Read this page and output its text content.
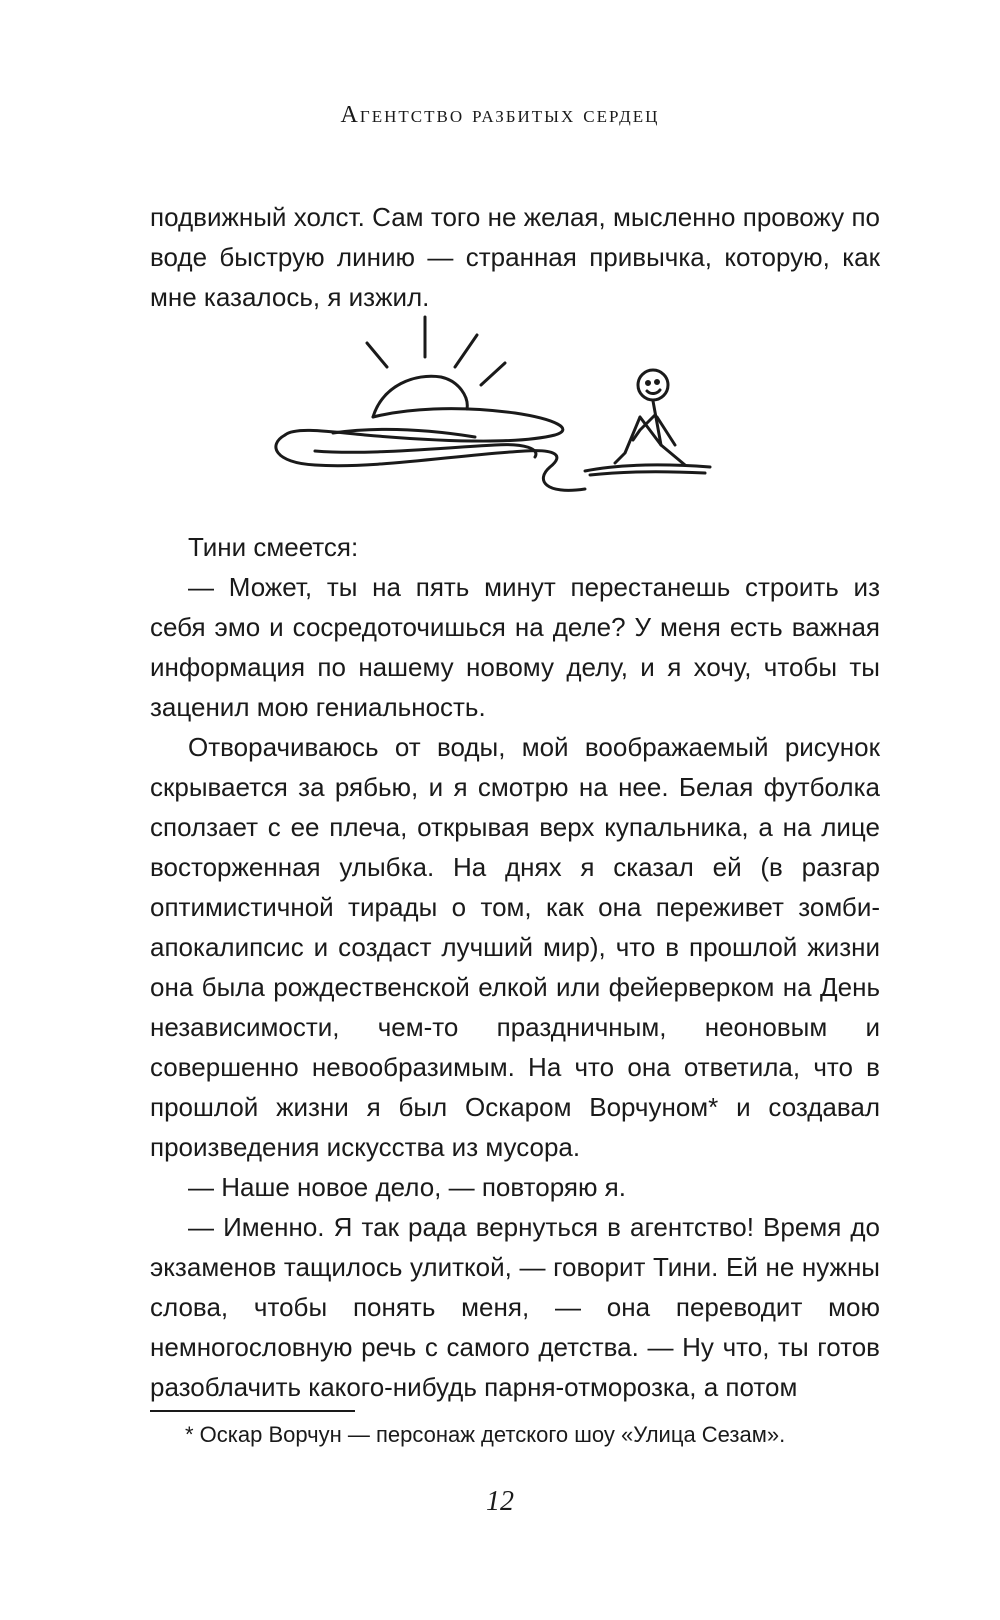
Агентство разбитых сердец

подвижный холст. Сам того не желая, мысленно провожу по воде быструю линию — странная привычка, которую, как мне казалось, я изжил.

Тини смеется:

— Может, ты на пять минут перестанешь строить из себя эмо и сосредоточишься на деле? У меня есть важная информация по нашему новому делу, и я хочу, чтобы ты заценил мою гениальность.

Отворачиваюсь от воды, мой воображаемый рисунок скрывается за рябью, и я смотрю на нее. Белая футболка сползает с ее плеча, открывая верх купальника, а на лице восторженная улыбка. На днях я сказал ей (в разгар оптимистичной тирады о том, как она переживет зомби-апокалипсис и создаст лучший мир), что в прошлой жизни она была рождественской елкой или фейерверком на День независимости, чем-то праздничным, неоновым и совершенно невообразимым. На что она ответила, что в прошлой жизни я был Оскаром Ворчуном* и создавал произведения искусства из мусора.

— Наше новое дело, — повторяю я.

— Именно. Я так рада вернуться в агентство! Время до экзаменов тащилось улиткой, — говорит Тини. Ей не нужны слова, чтобы понять меня, — она переводит мою немногословную речь с самого детства. — Ну что, ты готов разоблачить какого-нибудь парня-отморозка, а потом

* Оскар Ворчун — персонаж детского шоу «Улица Сезам».
12
